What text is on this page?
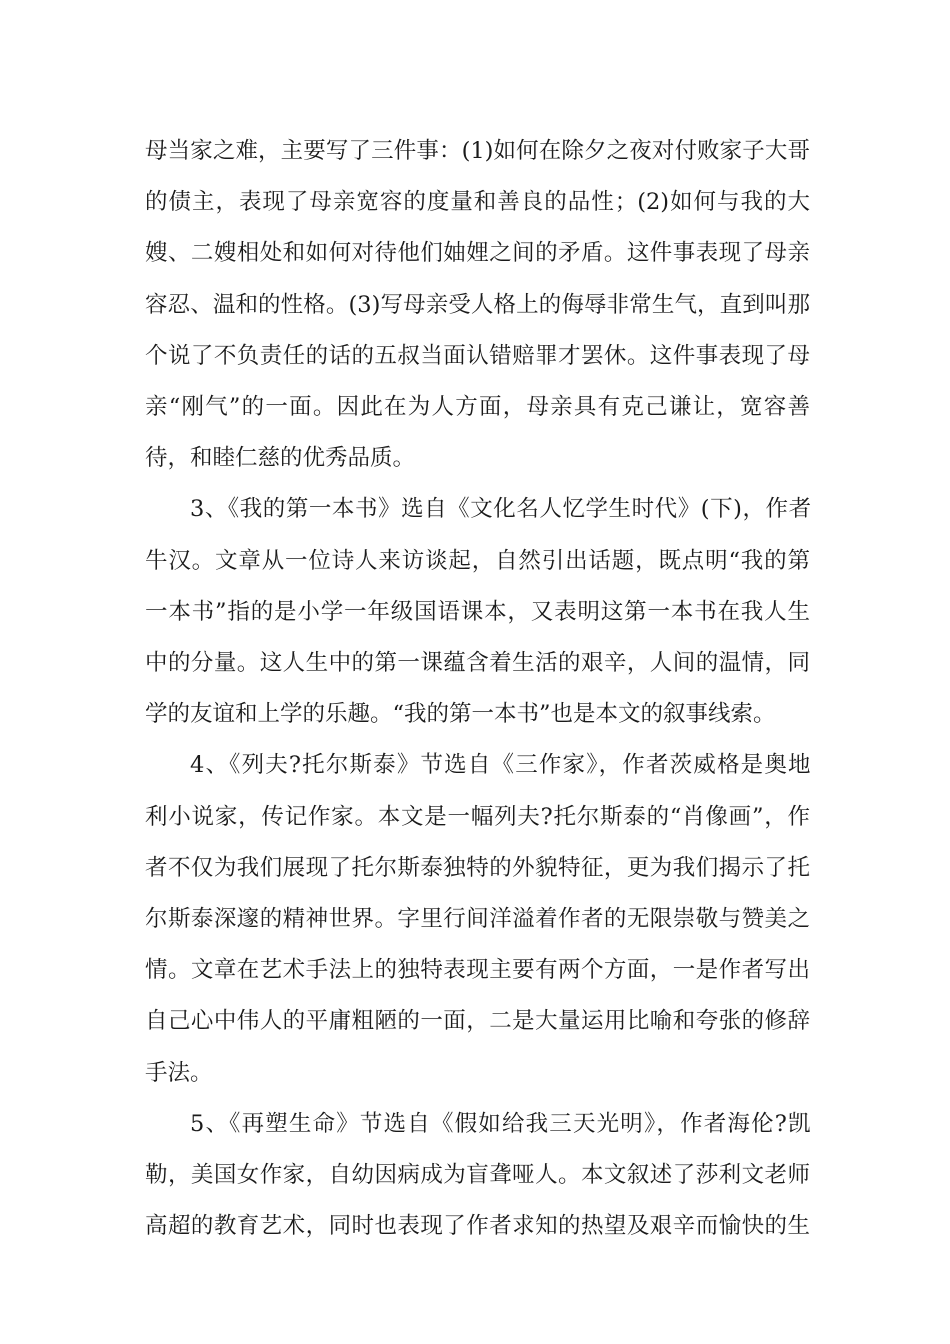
母当家之难，主要写了三件事：(1)如何在除夕之夜对付败家子大哥
的债主，表现了母亲宽容的度量和善良的品性；(2)如何与我的大
嫂、二嫂相处和如何对待他们妯娌之间的矛盾。这件事表现了母亲
容忍、温和的性格。(3)写母亲受人格上的侮辱非常生气，直到叫那
个说了不负责任的话的五叔当面认错赔罪才罢休。这件事表现了母
亲“刚气”的一面。因此在为人方面，母亲具有克己谦让，宽容善
待，和睦仁慈的优秀品质。
3、《我的第一本书》选自《文化名人忆学生时代》(下)，作者
牛汉。文章从一位诗人来访谈起，自然引出话题，既点明“我的第
一本书”指的是小学一年级国语课本，又表明这第一本书在我人生
中的分量。这人生中的第一课蕴含着生活的艰辛，人间的温情，同
学的友谊和上学的乐趣。“我的第一本书”也是本文的叙事线索。
4、《列夫?托尔斯泰》节选自《三作家》，作者茨威格是奥地
利小说家，传记作家。本文是一幅列夫?托尔斯泰的“肖像画”，作
者不仅为我们展现了托尔斯泰独特的外貌特征，更为我们揭示了托
尔斯泰深邃的精神世界。字里行间洋溢着作者的无限崇敬与赞美之
情。文章在艺术手法上的独特表现主要有两个方面，一是作者写出
自己心中伟人的平庸粗陋的一面，二是大量运用比喻和夸张的修辞
手法。
5、《再塑生命》节选自《假如给我三天光明》，作者海伦?凯
勒，美国女作家，自幼因病成为盲聋哑人。本文叙述了莎利文老师
高超的教育艺术，同时也表现了作者求知的热望及艰辛而愉快的生
